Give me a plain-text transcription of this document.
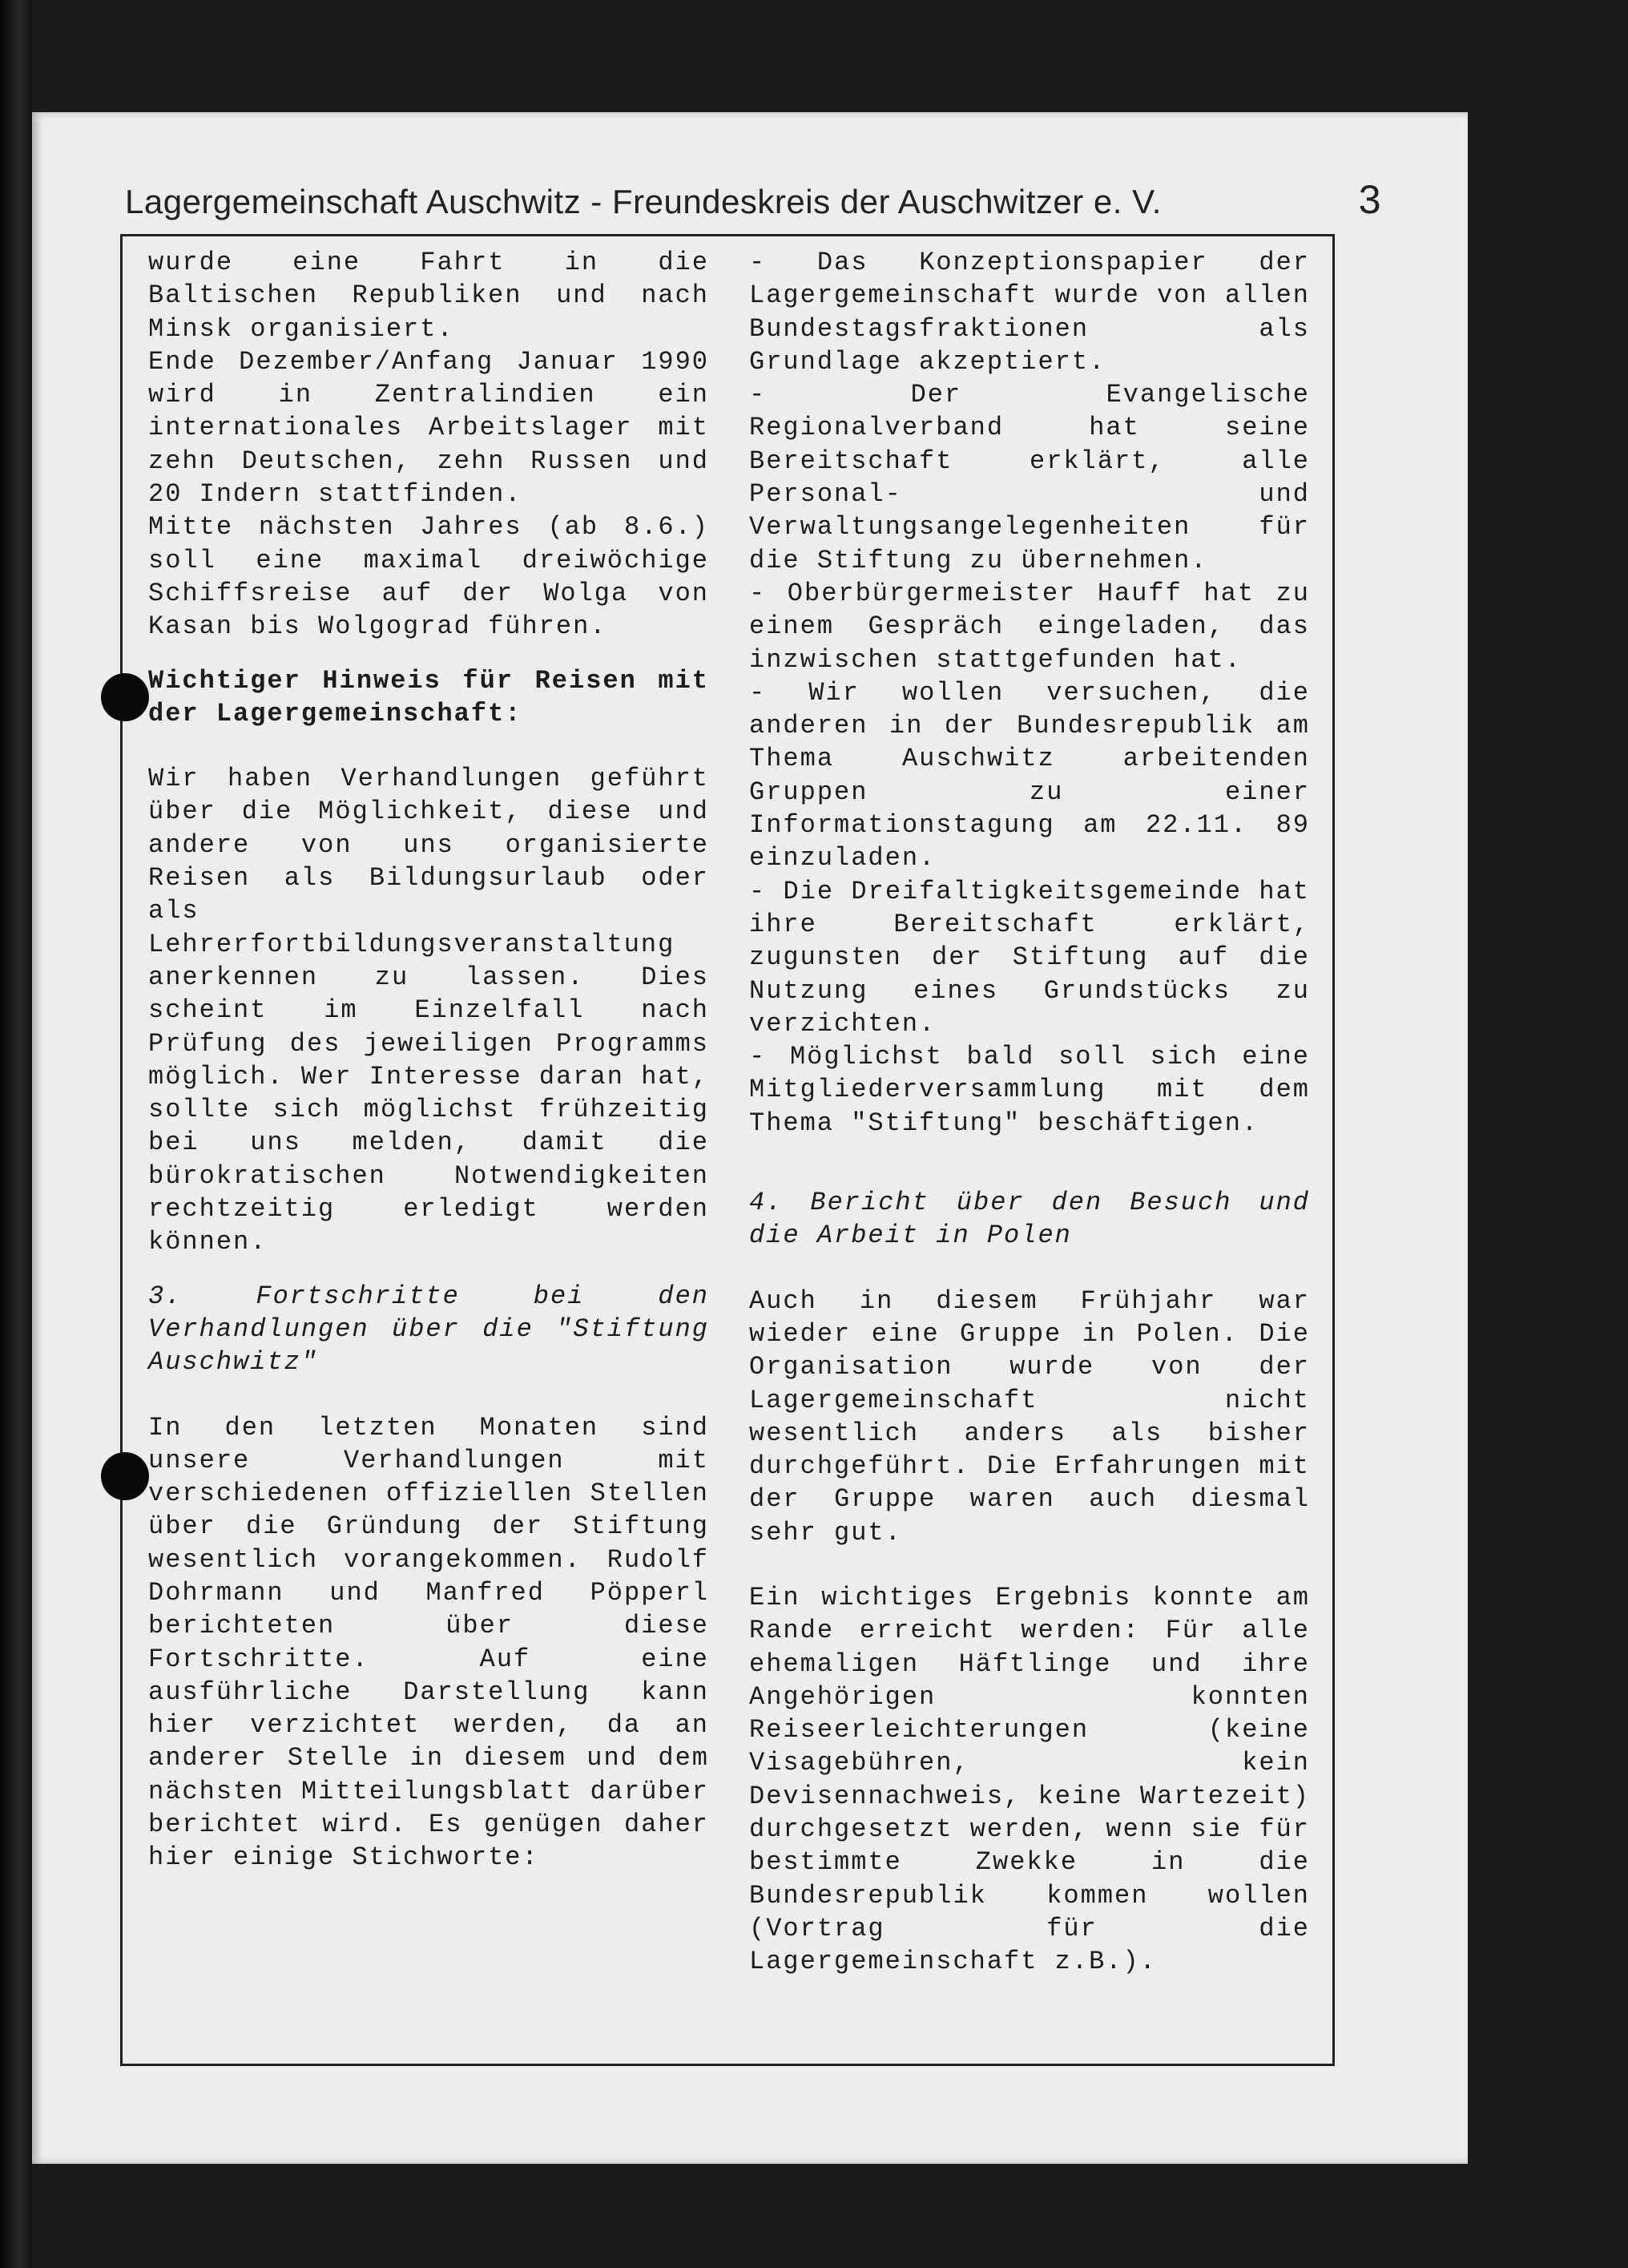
Lagergemeinschaft Auschwitz - Freundeskreis der Auschwitzer e. V.	3

wurde eine Fahrt in die Baltischen Republiken und nach Minsk organisiert.

Ende Dezember/Anfang Januar 1990 wird in Zentralindien ein internationales Arbeitslager mit zehn Deutschen, zehn Russen und 20 Indern stattfinden.

Mitte nächsten Jahres (ab 8.6.) soll eine maximal dreiwöchige Schiffsreise auf der Wolga von Kasan bis Wolgograd führen.

Wichtiger Hinweis für Reisen mit der Lagergemeinschaft:

Wir haben Verhandlungen geführt über die Möglichkeit, diese und andere von uns organisierte Reisen als Bildungsurlaub oder als Lehrerfortbildungsveranstaltung anerkennen zu lassen. Dies scheint im Einzelfall nach Prüfung des jeweiligen Programms möglich. Wer Interesse daran hat, sollte sich möglichst frühzeitig bei uns melden, damit die bürokratischen Notwendigkeiten rechtzeitig erledigt werden können.

3. Fortschritte bei den Verhandlungen über die "Stiftung Auschwitz"

In den letzten Monaten sind unsere Verhandlungen mit verschiedenen offiziellen Stellen über die Gründung der Stiftung wesentlich vorangekommen. Rudolf Dohrmann und Manfred Pöpperl berichteten über diese Fortschritte. Auf eine ausführliche Darstellung kann hier verzichtet werden, da an anderer Stelle in diesem und dem nächsten Mitteilungsblatt darüber berichtet wird. Es genügen daher hier einige Stichworte:

- Das Konzeptionspapier der Lagergemeinschaft wurde von allen Bundestagsfraktionen als Grundlage akzeptiert.

- Der Evangelische Regionalverband hat seine Bereitschaft erklärt, alle Personal- und Verwaltungsangelegenheiten für die Stiftung zu übernehmen.

- Oberbürgermeister Hauff hat zu einem Gespräch eingeladen, das inzwischen stattgefunden hat.

- Wir wollen versuchen, die anderen in der Bundesrepublik am Thema Auschwitz arbeitenden Gruppen zu einer Informationstagung am 22.11. 89 einzuladen.

- Die Dreifaltigkeitsgemeinde hat ihre Bereitschaft erklärt, zugunsten der Stiftung auf die Nutzung eines Grundstücks zu verzichten.

- Möglichst bald soll sich eine Mitgliederversammlung mit dem Thema "Stiftung" beschäftigen.

4. Bericht über den Besuch und die Arbeit in Polen

Auch in diesem Frühjahr war wieder eine Gruppe in Polen. Die Organisation wurde von der Lagergemeinschaft nicht wesentlich anders als bisher durchgeführt. Die Erfahrungen mit der Gruppe waren auch diesmal sehr gut.

Ein wichtiges Ergebnis konnte am Rande erreicht werden: Für alle ehemaligen Häftlinge und ihre Angehörigen konnten Reiseerleichterungen (keine Visagebühren, kein Devisennachweis, keine Wartezeit) durchgesetzt werden, wenn sie für bestimmte Zwekke in die Bundesrepublik kommen wollen (Vortrag für die Lagergemeinschaft z.B.).
